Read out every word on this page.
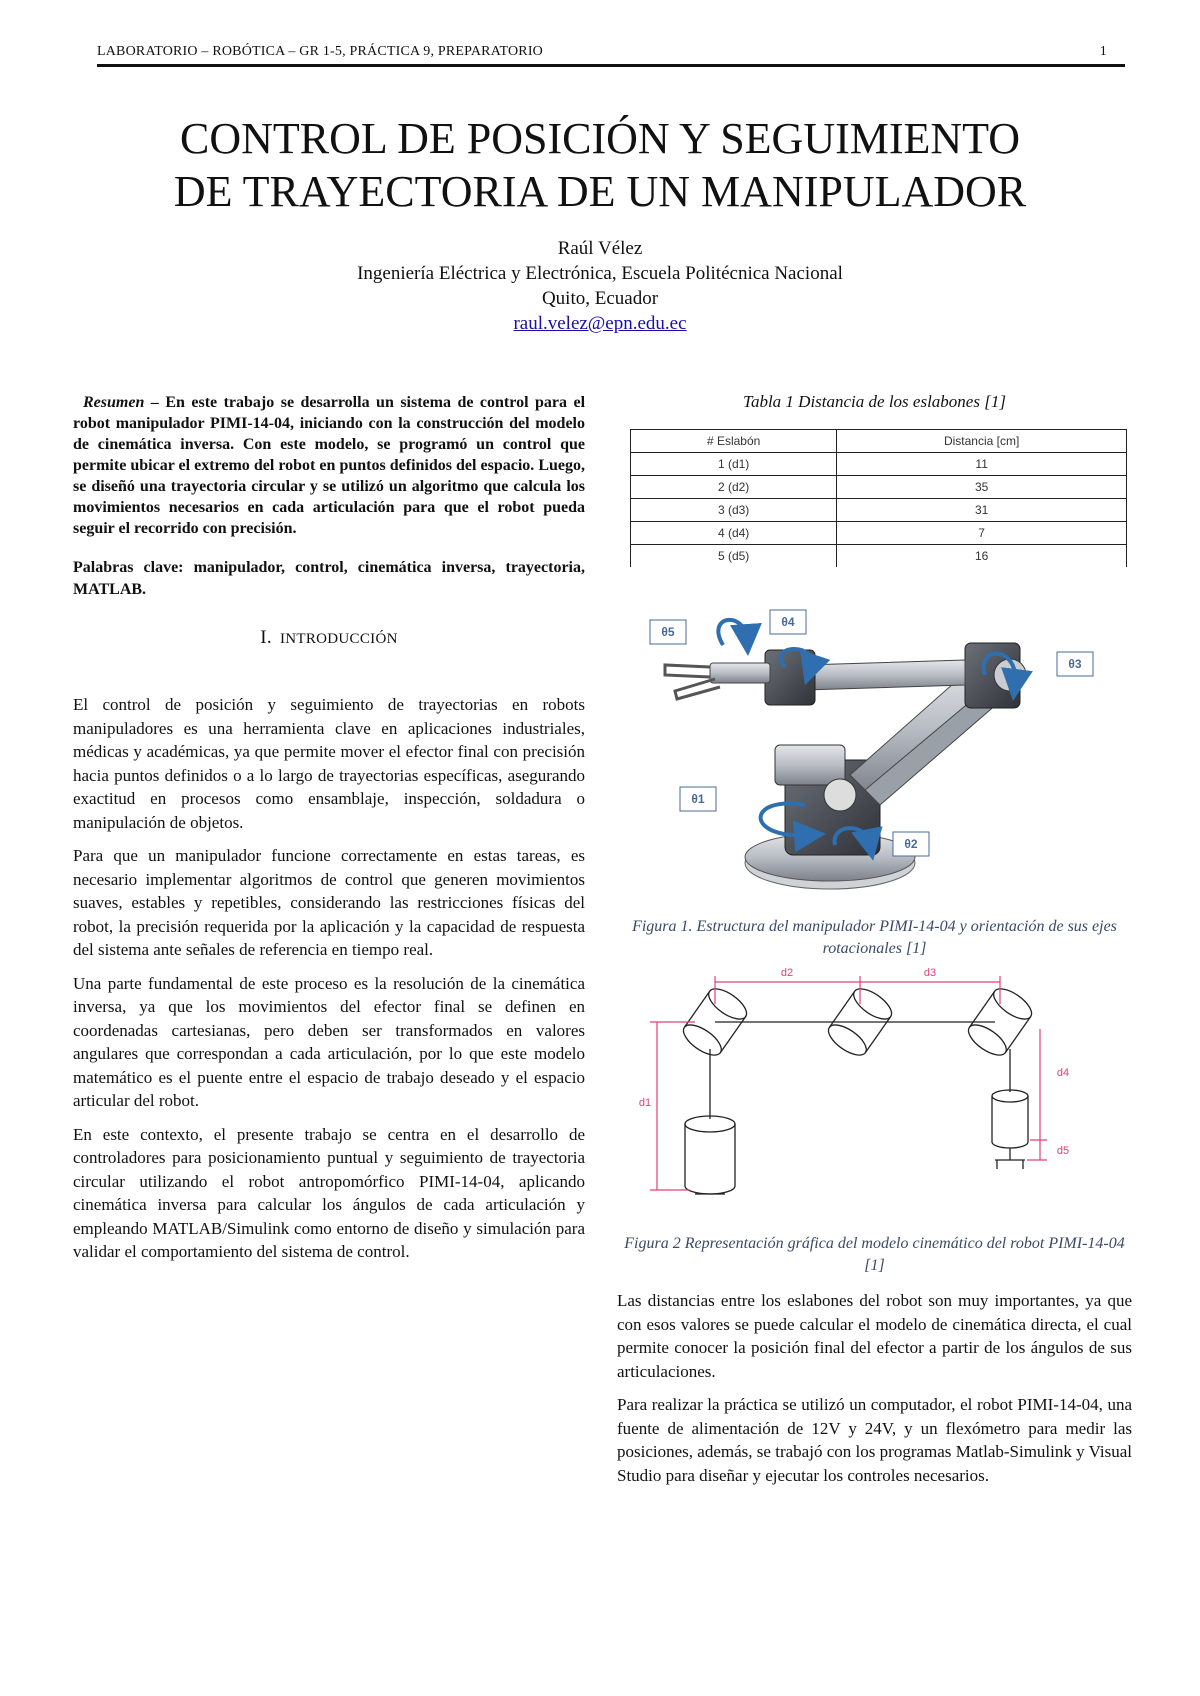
LABORATORIO – ROBÓTICA – GR 1-5, PRÁCTICA 9, PREPARATORIO	1
CONTROL DE POSICIÓN Y SEGUIMIENTO
DE TRAYECTORIA DE UN MANIPULADOR
Raúl Vélez
Ingeniería Eléctrica y Electrónica, Escuela Politécnica Nacional
Quito, Ecuador
raul.velez@epn.edu.ec

Resumen – En este trabajo se desarrolla un sistema de control para el robot manipulador PIMI-14-04, iniciando con la construcción del modelo de cinemática inversa. Con este modelo, se programó un control que permite ubicar el extremo del robot en puntos definidos del espacio. Luego, se diseñó una trayectoria circular y se utilizó un algoritmo que calcula los movimientos necesarios en cada articulación para que el robot pueda seguir el recorrido con precisión.

Palabras clave: manipulador, control, cinemática inversa, trayectoria, MATLAB.

I. INTRODUCCIÓN

El control de posición y seguimiento de trayectorias en robots manipuladores es una herramienta clave en aplicaciones industriales, médicas y académicas, ya que permite mover el efector final con precisión hacia puntos definidos o a lo largo de trayectorias específicas, asegurando exactitud en procesos como ensamblaje, inspección, soldadura o manipulación de objetos.

Para que un manipulador funcione correctamente en estas tareas, es necesario implementar algoritmos de control que generen movimientos suaves, estables y repetibles, considerando las restricciones físicas del robot, la precisión requerida por la aplicación y la capacidad de respuesta del sistema ante señales de referencia en tiempo real.

Una parte fundamental de este proceso es la resolución de la cinemática inversa, ya que los movimientos del efector final se definen en coordenadas cartesianas, pero deben ser transformados en valores angulares que correspondan a cada articulación, por lo que este modelo matemático es el puente entre el espacio de trabajo deseado y el espacio articular del robot.

En este contexto, el presente trabajo se centra en el desarrollo de controladores para posicionamiento puntual y seguimiento de trayectoria circular utilizando el robot antropomórfico PIMI-14-04, aplicando cinemática inversa para calcular los ángulos de cada articulación y empleando MATLAB/Simulink como entorno de diseño y simulación para validar el comportamiento del sistema de control.

Tabla 1 Distancia de los eslabones [1]

# Eslabón	Distancia [cm]
1 (d1)	11
2 (d2)	35
3 (d3)	31
4 (d4)	7
5 (d5)	16
θ5
θ4
θ3
θ1
θ2

Figura 1. Estructura del manipulador PIMI-14-04 y orientación de sus ejes rotacionales [1]

d2	d3
d1
d4
d5

Figura 2 Representación gráfica del modelo cinemático del robot PIMI-14-04 [1]

Las distancias entre los eslabones del robot son muy importantes, ya que con esos valores se puede calcular el modelo de cinemática directa, el cual permite conocer la posición final del efector a partir de los ángulos de sus articulaciones.

Para realizar la práctica se utilizó un computador, el robot PIMI-14-04, una fuente de alimentación de 12V y 24V, y un flexómetro para medir las posiciones, además, se trabajó con los programas Matlab-Simulink y Visual Studio para diseñar y ejecutar los controles necesarios.
